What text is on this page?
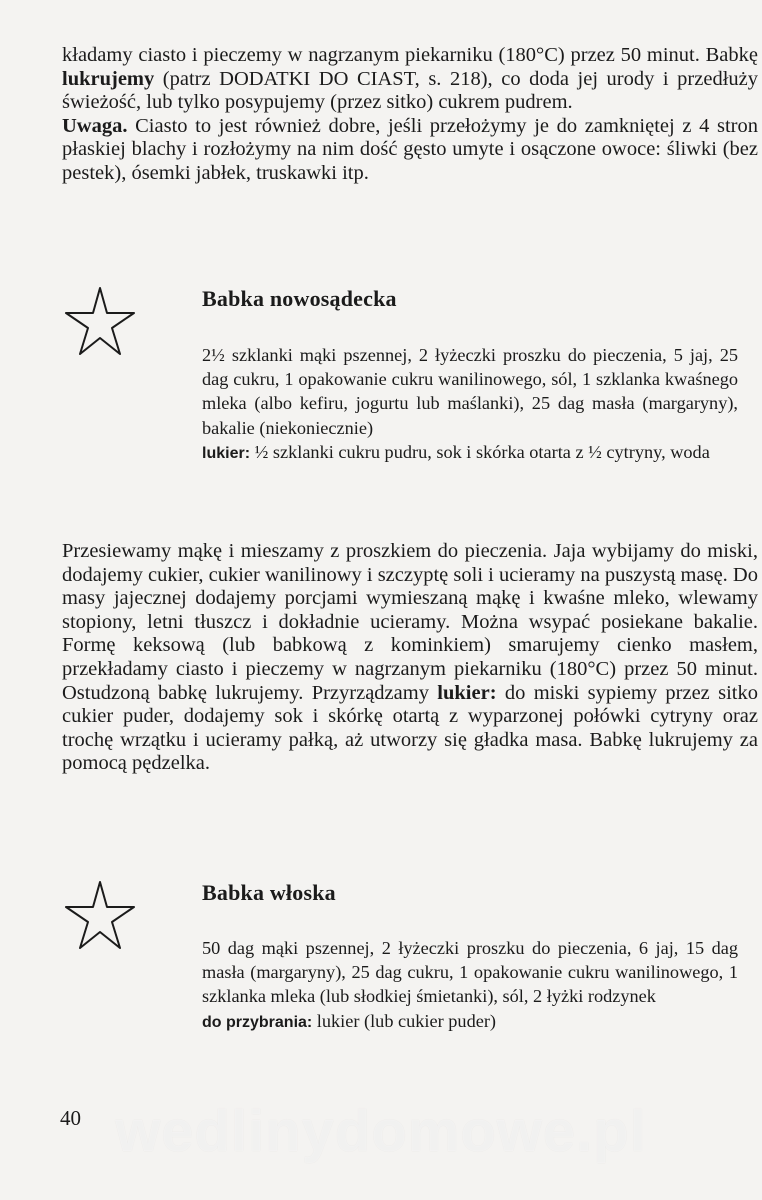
kładamy ciasto i pieczemy w nagrzanym piekarniku (180°C) przez 50 minut. Babkę lukrujemy (patrz DODATKI DO CIAST, s. 218), co doda jej urody i przedłuży świeżość, lub tylko posypujemy (przez sitko) cukrem pudrem.

Uwaga. Ciasto to jest również dobre, jeśli przełożymy je do zamkniętej z 4 stron płaskiej blachy i rozłożymy na nim dość gęsto umyte i osączone owoce: śliwki (bez pestek), ósemki jabłek, truskawki itp.

Babka nowosądecka

2½ szklanki mąki pszennej, 2 łyżeczki proszku do pieczenia, 5 jaj, 25 dag cukru, 1 opakowanie cukru wanilinowego, sól, 1 szklanka kwaśnego mleka (albo kefiru, jogurtu lub maślanki), 25 dag masła (margaryny), bakalie (niekoniecznie)

lukier: ½ szklanki cukru pudru, sok i skórka otarta z ½ cytryny, woda

Przesiewamy mąkę i mieszamy z proszkiem do pieczenia. Jaja wybijamy do miski, dodajemy cukier, cukier wanilinowy i szczyptę soli i ucieramy na puszystą masę. Do masy jajecznej dodajemy porcjami wymieszaną mąkę i kwaśne mleko, wlewamy stopiony, letni tłuszcz i dokładnie ucieramy. Można wsypać posiekane bakalie. Formę keksową (lub babkową z kominkiem) smarujemy cienko masłem, przekładamy ciasto i pieczemy w nagrzanym piekarniku (180°C) przez 50 minut. Ostudzoną babkę lukrujemy. Przyrządzamy lukier: do miski sypiemy przez sitko cukier puder, dodajemy sok i skórkę otartą z wyparzonej połówki cytryny oraz trochę wrzątku i ucieramy pałką, aż utworzy się gładka masa. Babkę lukrujemy za pomocą pędzelka.

Babka włoska

50 dag mąki pszennej, 2 łyżeczki proszku do pieczenia, 6 jaj, 15 dag masła (margaryny), 25 dag cukru, 1 opakowanie cukru wanilinowego, 1 szklanka mleka (lub słodkiej śmietanki), sól, 2 łyżki rodzynek

do przybrania: lukier (lub cukier puder)

wedlinydomowe.pl
40
